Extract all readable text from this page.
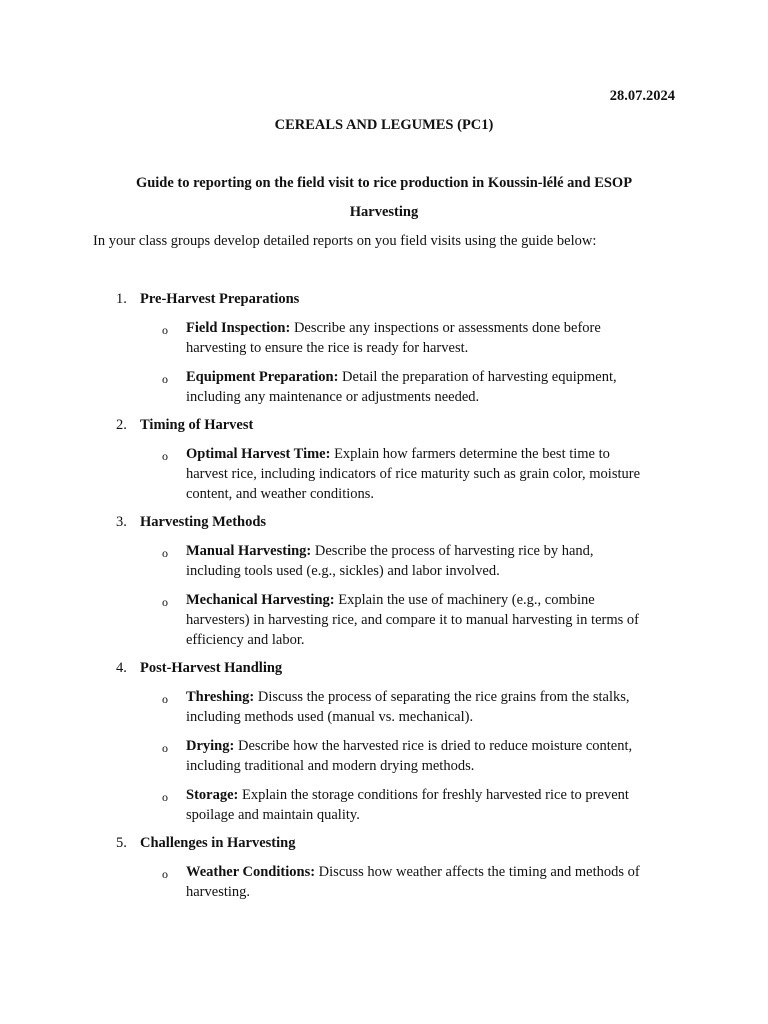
28.07.2024
CEREALS AND LEGUMES (PC1)
Guide to reporting on the field visit to rice production in Koussin-lélé and ESOP
Harvesting
In your class groups develop detailed reports on you field visits using the guide below:
1. Pre-Harvest Preparations
o Field Inspection: Describe any inspections or assessments done before
harvesting to ensure the rice is ready for harvest.
o Equipment Preparation: Detail the preparation of harvesting equipment,
including any maintenance or adjustments needed.
2. Timing of Harvest
o Optimal Harvest Time: Explain how farmers determine the best time to
harvest rice, including indicators of rice maturity such as grain color, moisture
content, and weather conditions.
3. Harvesting Methods
o Manual Harvesting: Describe the process of harvesting rice by hand,
including tools used (e.g., sickles) and labor involved.
o Mechanical Harvesting: Explain the use of machinery (e.g., combine
harvesters) in harvesting rice, and compare it to manual harvesting in terms of
efficiency and labor.
4. Post-Harvest Handling
o Threshing: Discuss the process of separating the rice grains from the stalks,
including methods used (manual vs. mechanical).
o Drying: Describe how the harvested rice is dried to reduce moisture content,
including traditional and modern drying methods.
o Storage: Explain the storage conditions for freshly harvested rice to prevent
spoilage and maintain quality.
5. Challenges in Harvesting
o Weather Conditions: Discuss how weather affects the timing and methods of
harvesting.
